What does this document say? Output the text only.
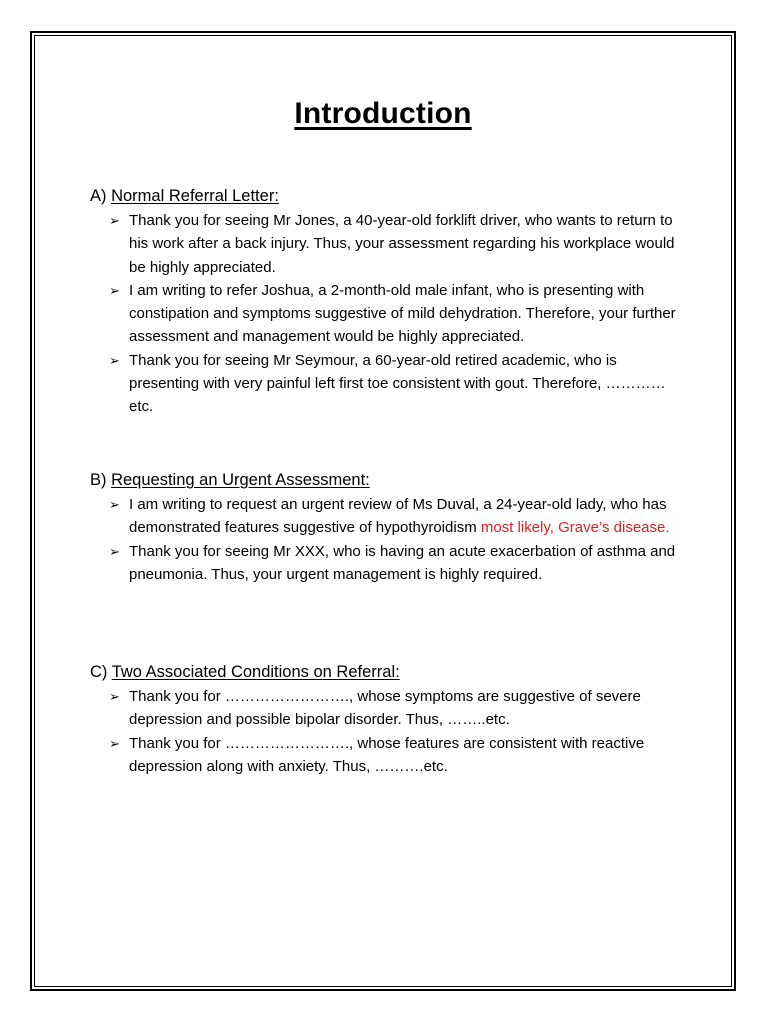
Introduction
A) Normal Referral Letter:
➢ Thank you for seeing Mr Jones, a 40-year-old forklift driver, who wants to return to his work after a back injury. Thus, your assessment regarding his workplace would be highly appreciated.
➢ I am writing to refer Joshua, a 2-month-old male infant, who is presenting with constipation and symptoms suggestive of mild dehydration. Therefore, your further assessment and management would be highly appreciated.
➢ Thank you for seeing Mr Seymour, a 60-year-old retired academic, who is presenting with very painful left first toe consistent with gout. Therefore, ………… etc.
B) Requesting an Urgent Assessment:
➢ I am writing to request an urgent review of Ms Duval, a 24-year-old lady, who has demonstrated features suggestive of hypothyroidism most likely, Grave’s disease.
➢ Thank you for seeing Mr XXX, who is having an acute exacerbation of asthma and pneumonia. Thus, your urgent management is highly required.
C) Two Associated Conditions on Referral:
➢ Thank you for ……………………., whose symptoms are suggestive of severe depression and possible bipolar disorder. Thus, ……..etc.
➢ Thank you for ……………………., whose features are consistent with reactive depression along with anxiety. Thus, ……….etc.
